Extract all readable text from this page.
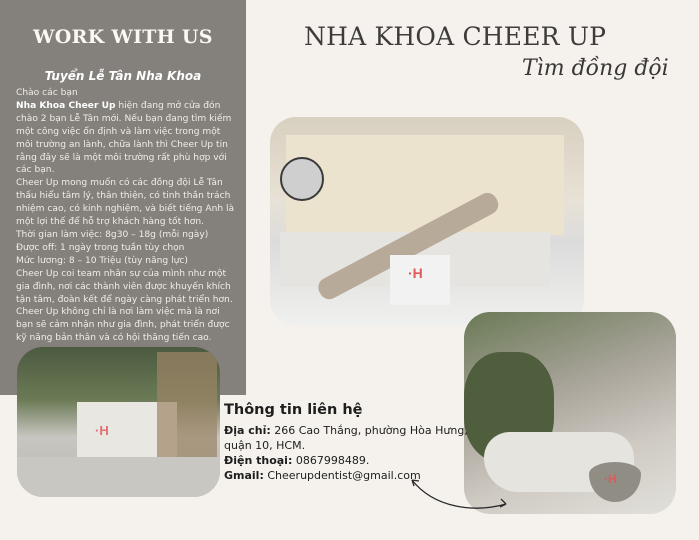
WORK WITH US
Tuyển Lễ Tân Nha Khoa

Chào các bạn

Nha Khoa Cheer Up hiện đang mở cửa đón chào 2 bạn Lễ Tân mới. Nếu bạn đang tìm kiếm một công việc ổn định và làm việc trong một môi trường an lành, chữa lành thì Cheer Up tin rằng đây sẽ là một môi trường rất phù hợp với các bạn.

Cheer Up mong muốn có các đồng đội Lễ Tân thấu hiểu tâm lý, thân thiện, có tinh thần trách nhiệm cao, có kinh nghiệm, và biết tiếng Anh là một lợi thế để hỗ trợ khách hàng tốt hơn.

Thời gian làm việc: 8g30 – 18g (mỗi ngày)

Được off: 1 ngày trong tuần tùy chọn

Mức lương: 8 – 10 Triệu (tùy năng lực)

Cheer Up coi team nhân sự của mình như một gia đình, nơi các thành viên được khuyến khích tận tâm, đoàn kết để ngày càng phát triển hơn.

Cheer Up không chỉ là nơi làm việc mà là nơi bạn sẽ cảm nhận như gia đình, phát triển được kỹ năng bản thân và có hội thăng tiến cao.

NHA KHOA CHEER UP
Tìm đồng đội
·H
·H
·H
Thông tin liên hệ
Địa chỉ: 266 Cao Thắng, phường Hòa Hưng, quận 10, HCM.
Điện thoại: 0867998489.
Gmail: Cheerupdentist@gmail.com
